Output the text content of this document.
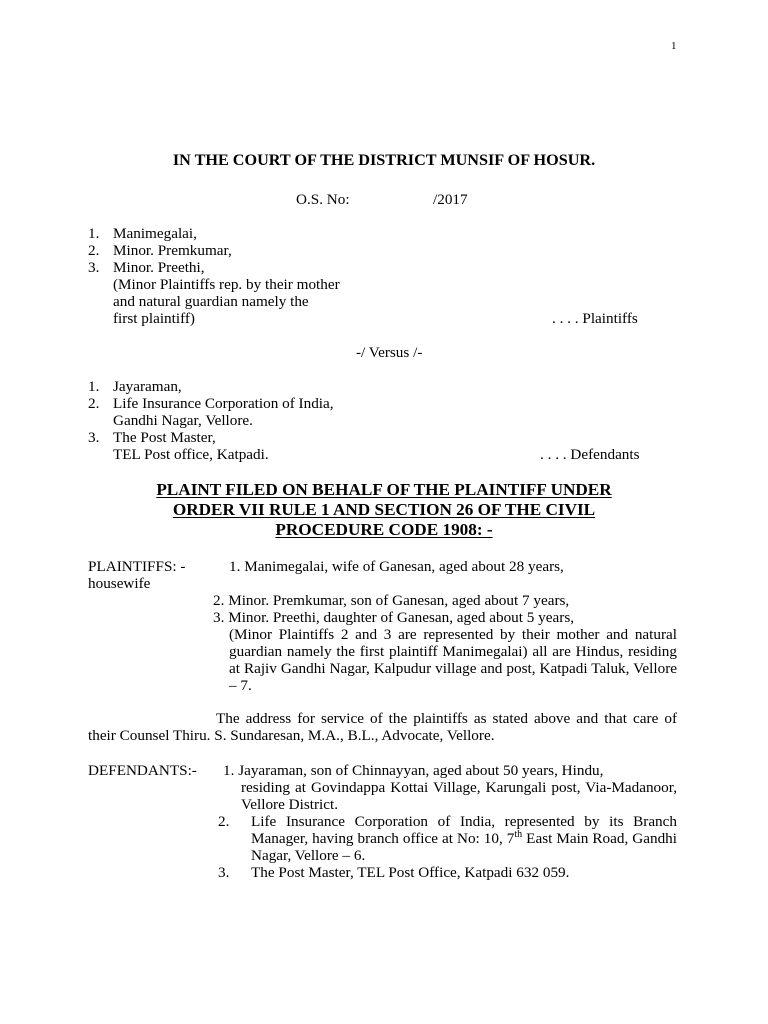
1
IN THE COURT OF THE DISTRICT MUNSIF OF HOSUR.
O.S. No:	/2017
1. Manimegalai,
2. Minor. Premkumar,
3. Minor. Preethi,
(Minor Plaintiffs rep. by their mother
and natural guardian namely the
first plaintiff)	. . . . Plaintiffs
-/ Versus /-
1. Jayaraman,
2. Life Insurance Corporation of India,
Gandhi Nagar, Vellore.
3. The Post Master,
TEL Post office, Katpadi.	. . . . Defendants
PLAINT FILED ON BEHALF OF THE PLAINTIFF UNDER
ORDER VII RULE 1 AND SECTION 26 OF THE CIVIL
PROCEDURE CODE 1908: -
PLAINTIFFS: -	1. Manimegalai, wife of Ganesan, aged about 28 years,
housewife
2. Minor. Premkumar, son of Ganesan, aged about 7 years,
3. Minor. Preethi, daughter of Ganesan, aged about 5 years,
(Minor Plaintiffs 2 and 3 are represented by their mother and natural guardian namely the first plaintiff Manimegalai) all are Hindus, residing at Rajiv Gandhi Nagar, Kalpudur village and post, Katpadi Taluk, Vellore – 7.
The address for service of the plaintiffs as stated above and that care of their Counsel Thiru. S. Sundaresan, M.A., B.L., Advocate, Vellore.
DEFENDANTS:- 1. Jayaraman, son of Chinnayyan, aged about 50 years, Hindu,
residing at Govindappa Kottai Village, Karungali post, Via-Madanoor, Vellore District.
2. Life Insurance Corporation of India, represented by its Branch Manager, having branch office at No: 10, 7th East Main Road, Gandhi Nagar, Vellore – 6.
3. The Post Master, TEL Post Office, Katpadi 632 059.
